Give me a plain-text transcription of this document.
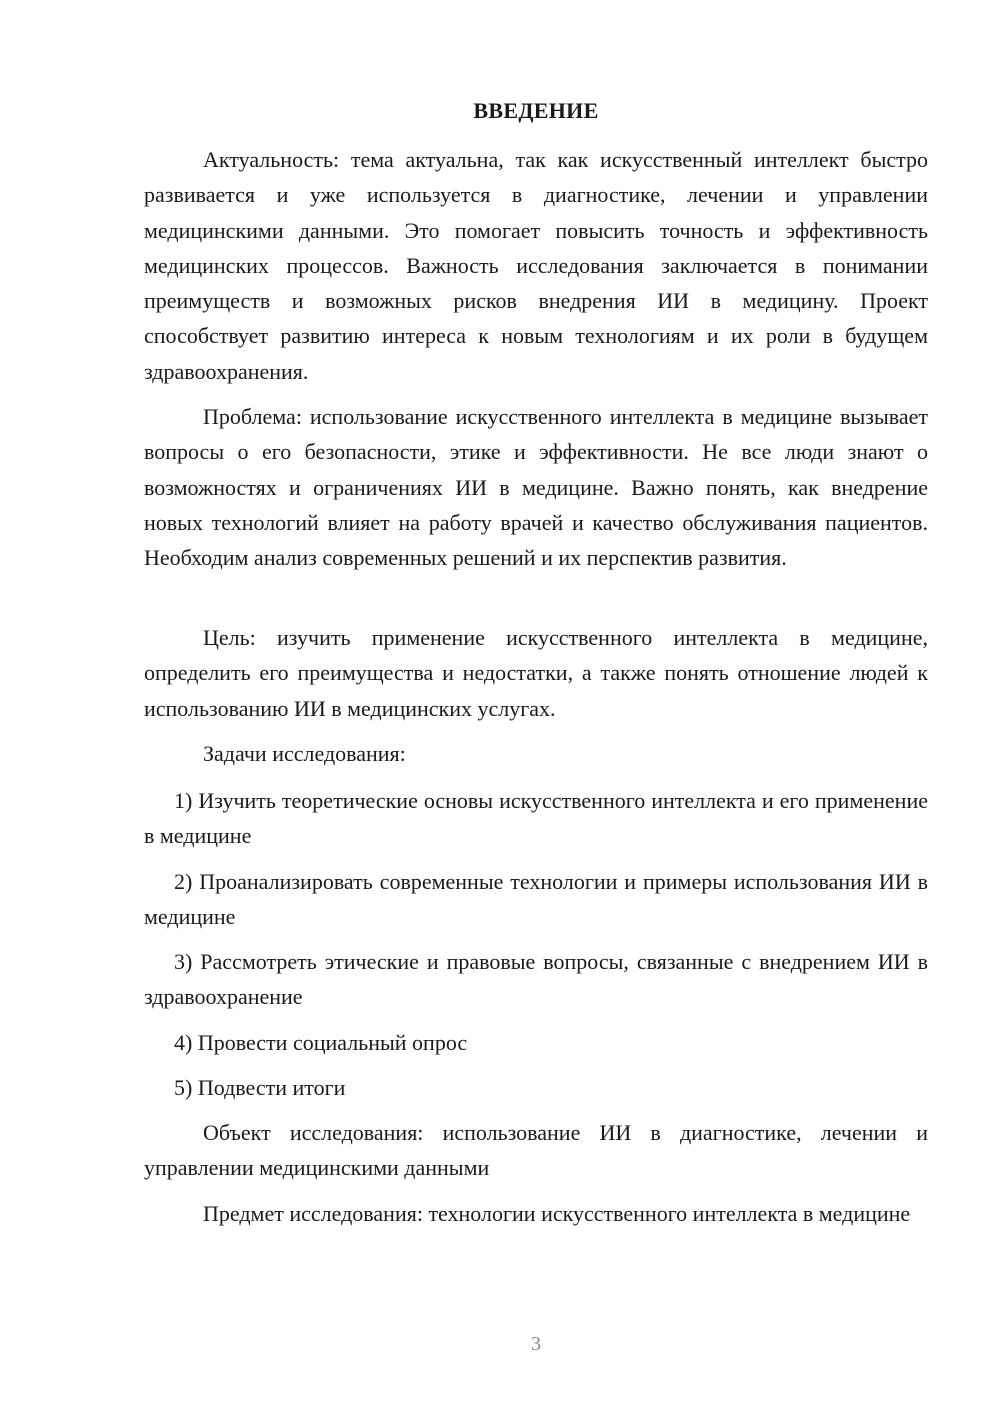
ВВЕДЕНИЕ

Актуальность: тема актуальна, так как искусственный интеллект быстро развивается и уже используется в диагностике, лечении и управлении медицинскими данными. Это помогает повысить точность и эффективность медицинских процессов. Важность исследования заключается в понимании преимуществ и возможных рисков внедрения ИИ в медицину. Проект способствует развитию интереса к новым технологиям и их роли в будущем здравоохранения.

Проблема: использование искусственного интеллекта в медицине вызывает вопросы о его безопасности, этике и эффективности. Не все люди знают о возможностях и ограничениях ИИ в медицине. Важно понять, как внедрение новых технологий влияет на работу врачей и качество обслуживания пациентов. Необходим анализ современных решений и их перспектив развития.

Цель: изучить применение искусственного интеллекта в медицине, определить его преимущества и недостатки, а также понять отношение людей к использованию ИИ в медицинских услугах.

Задачи исследования:

1) Изучить теоретические основы искусственного интеллекта и его применение в медицине

2) Проанализировать современные технологии и примеры использования ИИ в медицине

3) Рассмотреть этические и правовые вопросы, связанные с внедрением ИИ в здравоохранение

4) Провести социальный опрос

5) Подвести итоги

Объект исследования: использование ИИ в диагностике, лечении и управлении медицинскими данными

Предмет исследования: технологии искусственного интеллекта в медицине

3
